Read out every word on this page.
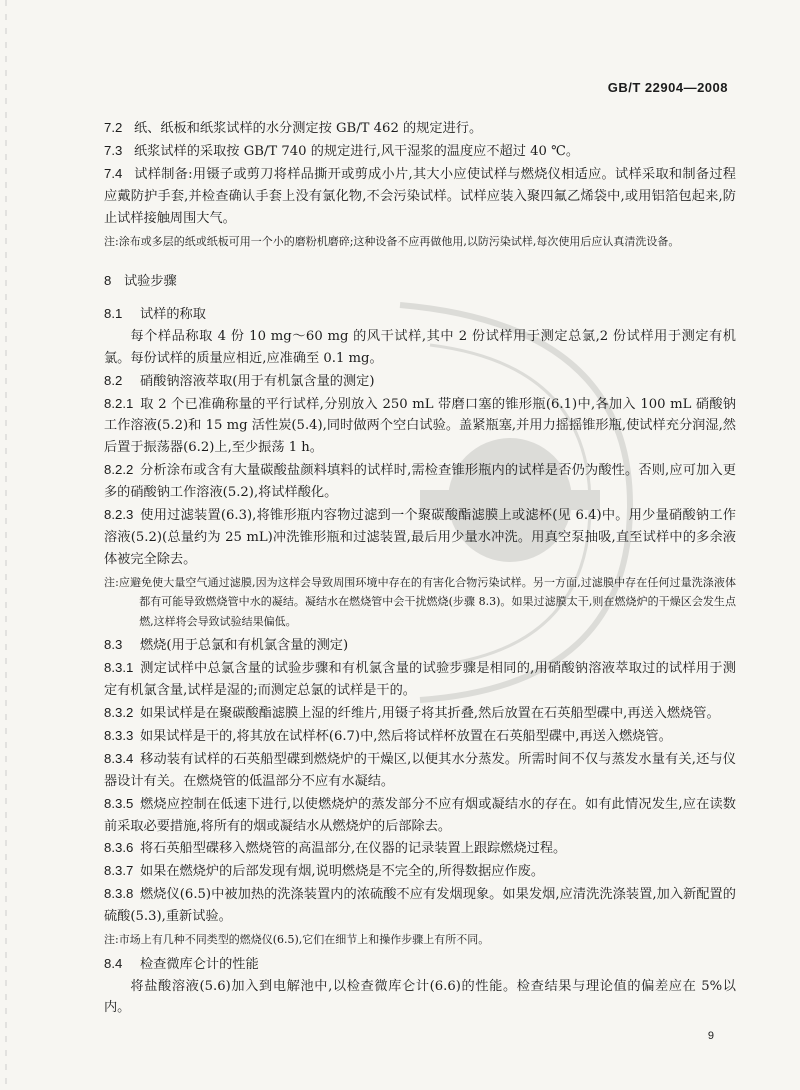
GB/T 22904—2008

7.2 纸、纸板和纸浆试样的水分测定按 GB/T 462 的规定进行。

7.3 纸浆试样的采取按 GB/T 740 的规定进行,风干湿浆的温度应不超过 40 ℃。

7.4 试样制备:用镊子或剪刀将样品撕开或剪成小片,其大小应使试样与燃烧仪相适应。试样采取和制备过程应戴防护手套,并检查确认手套上没有氯化物,不会污染试样。试样应装入聚四氟乙烯袋中,或用铝箔包起来,防止试样接触周围大气。

注:涂布或多层的纸或纸板可用一个小的磨粉机磨碎;这种设备不应再做他用,以防污染试样,每次使用后应认真清洗设备。

8 试验步骤

8.1 试样的称取

每个样品称取 4 份 10 mg～60 mg 的风干试样,其中 2 份试样用于测定总氯,2 份试样用于测定有机氯。每份试样的质量应相近,应准确至 0.1 mg。

8.2 硝酸钠溶液萃取(用于有机氯含量的测定)

8.2.1 取 2 个已准确称量的平行试样,分别放入 250 mL 带磨口塞的锥形瓶(6.1)中,各加入 100 mL 硝酸钠工作溶液(5.2)和 15 mg 活性炭(5.4),同时做两个空白试验。盖紧瓶塞,并用力摇摇锥形瓶,使试样充分润湿,然后置于振荡器(6.2)上,至少振荡 1 h。

8.2.2 分析涂布或含有大量碳酸盐颜料填料的试样时,需检查锥形瓶内的试样是否仍为酸性。否则,应可加入更多的硝酸钠工作溶液(5.2),将试样酸化。

8.2.3 使用过滤装置(6.3),将锥形瓶内容物过滤到一个聚碳酸酯滤膜上或滤杯(见 6.4)中。用少量硝酸钠工作溶液(5.2)(总量约为 25 mL)冲洗锥形瓶和过滤装置,最后用少量水冲洗。用真空泵抽吸,直至试样中的多余液体被完全除去。

注:应避免使大量空气通过滤膜,因为这样会导致周围环境中存在的有害化合物污染试样。另一方面,过滤膜中存在任何过量洗涤液体都有可能导致燃烧管中水的凝结。凝结水在燃烧管中会干扰燃烧(步骤 8.3)。如果过滤膜太干,则在燃烧炉的干燥区会发生点燃,这样将会导致试验结果偏低。

8.3 燃烧(用于总氯和有机氯含量的测定)

8.3.1 测定试样中总氯含量的试验步骤和有机氯含量的试验步骤是相同的,用硝酸钠溶液萃取过的试样用于测定有机氯含量,试样是湿的;而测定总氯的试样是干的。

8.3.2 如果试样是在聚碳酸酯滤膜上湿的纤维片,用镊子将其折叠,然后放置在石英船型碟中,再送入燃烧管。

8.3.3 如果试样是干的,将其放在试样杯(6.7)中,然后将试样杯放置在石英船型碟中,再送入燃烧管。

8.3.4 移动装有试样的石英船型碟到燃烧炉的干燥区,以便其水分蒸发。所需时间不仅与蒸发水量有关,还与仪器设计有关。在燃烧管的低温部分不应有水凝结。

8.3.5 燃烧应控制在低速下进行,以使燃烧炉的蒸发部分不应有烟或凝结水的存在。如有此情况发生,应在读数前采取必要措施,将所有的烟或凝结水从燃烧炉的后部除去。

8.3.6 将石英船型碟移入燃烧管的高温部分,在仪器的记录装置上跟踪燃烧过程。

8.3.7 如果在燃烧炉的后部发现有烟,说明燃烧是不完全的,所得数据应作废。

8.3.8 燃烧仪(6.5)中被加热的洗涤装置内的浓硫酸不应有发烟现象。如果发烟,应清洗洗涤装置,加入新配置的硫酸(5.3),重新试验。

注:市场上有几种不同类型的燃烧仪(6.5),它们在细节上和操作步骤上有所不同。

8.4 检查微库仑计的性能

将盐酸溶液(5.6)加入到电解池中,以检查微库仑计(6.6)的性能。检查结果与理论值的偏差应在 5%以内。

9
